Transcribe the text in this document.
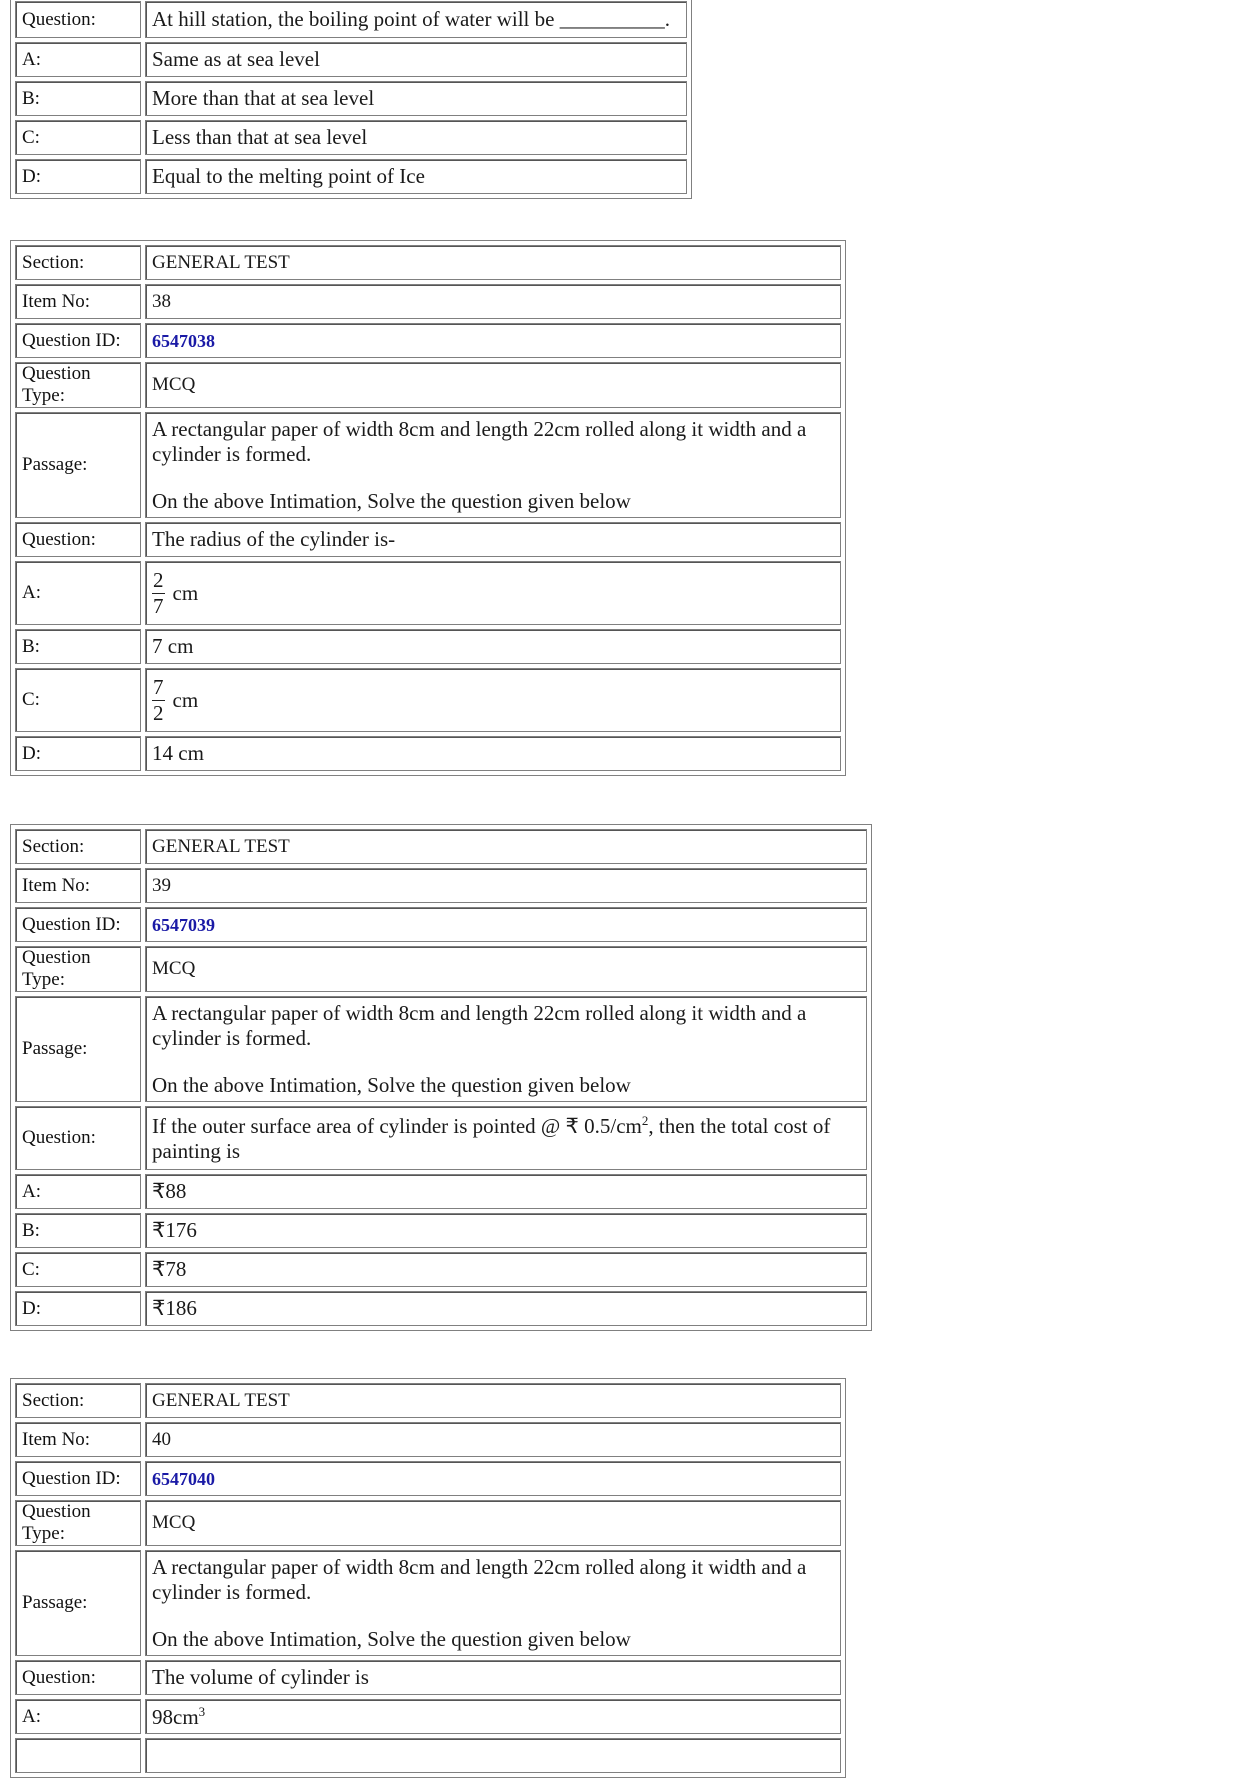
Question:	At hill station, the boiling point of water will be __________.
A:	Same as at sea level
B:	More than that at sea level
C:	Less than that at sea level
D:	Equal to the melting point of Ice
Section:	GENERAL TEST
Item No:	38
Question ID:	6547038
Question Type:	MCQ
Passage:	A rectangular paper of width 8cm and length 22cm rolled along it width and a cylinder is formed.
On the above Intimation, Solve the question given below

Question:	The radius of the cylinder is-
A:	$\frac{2}{7}$ cm
B:	7 cm
C:	$\frac{7}{2}$ cm
D:	14 cm
Section:	GENERAL TEST
Item No:	39
Question ID:	6547039
Question Type:	MCQ
Passage:	A rectangular paper of width 8cm and length 22cm rolled along it width and a cylinder is formed.
On the above Intimation, Solve the question given below

Question:	If the outer surface area of cylinder is pointed @ ₹ $0.5/cm^2$, then the total cost of painting is
A:	₹88
B:	₹176
C:	₹78
D:	₹186
Section:	GENERAL TEST
Item No:	40
Question ID:	6547040
Question Type:	MCQ
Passage:	A rectangular paper of width 8cm and length 22cm rolled along it width and a cylinder is formed.
On the above Intimation, Solve the question given below

Question:	The volume of cylinder is
A:	$98cm^3$
